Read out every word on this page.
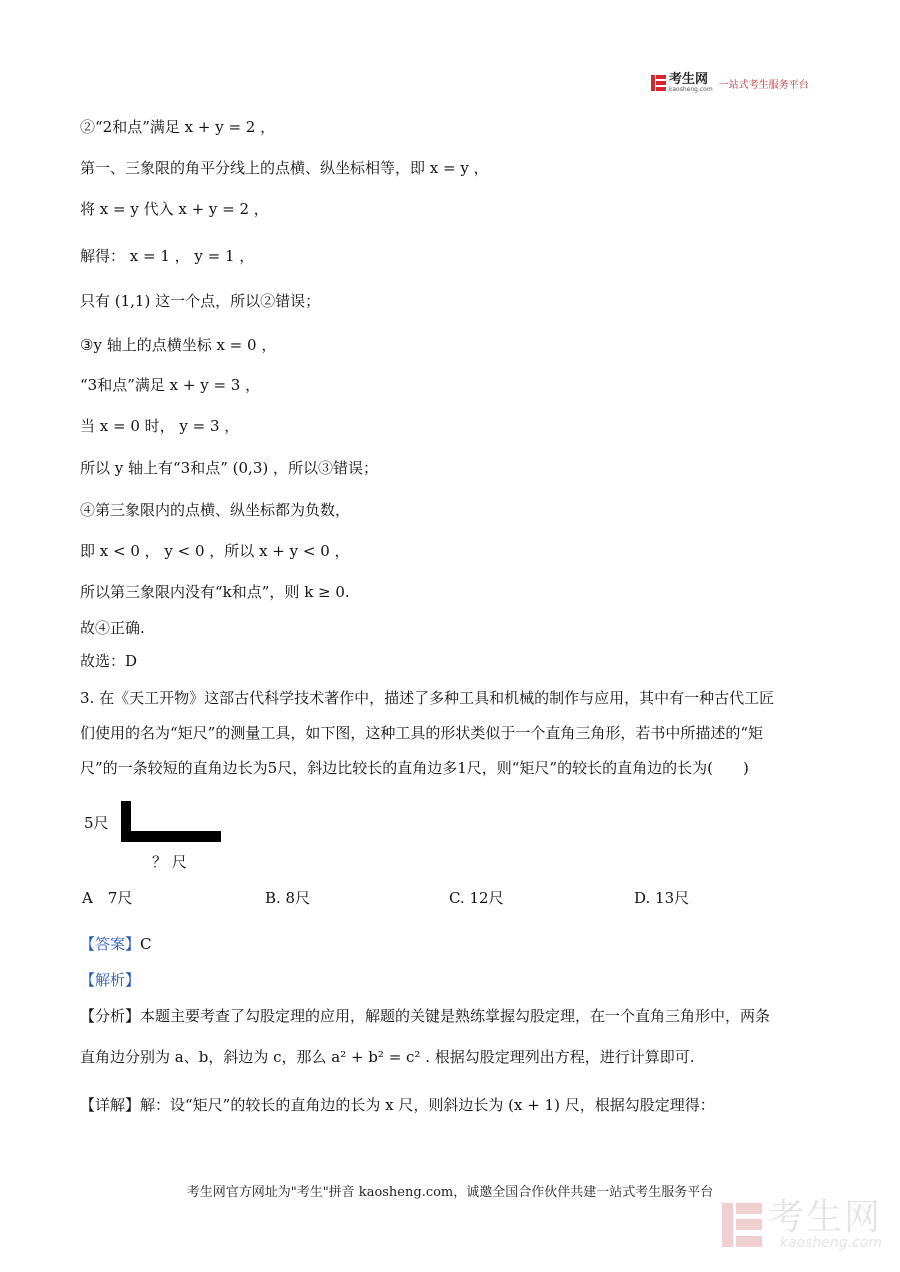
考生网
kaosheng.com 一站式考生服务平台
②“2和点”满足 x + y = 2 ，
第一、三象限的角平分线上的点横、纵坐标相等，即 x = y ，
将 x = y 代入 x + y = 2 ，
解得： x = 1 ， y = 1 ，
只有 (1,1) 这一个点，所以②错误；
③y 轴上的点横坐标 x = 0 ，
“3和点”满足 x + y = 3 ，
当 x = 0 时， y = 3 ，
所以 y 轴上有“3和点” (0,3) ，所以③错误；
④第三象限内的点横、纵坐标都为负数，
即 x < 0 ， y < 0 ，所以 x + y < 0 ，
所以第三象限内没有“k和点”，则 k ≥ 0.
故④正确.
故选：D
3. 在《天工开物》这部古代科学技术著作中，描述了多种工具和机械的制作与应用，其中有一种古代工匠
们使用的名为“矩尺”的测量工具，如下图，这种工具的形状类似于一个直角三角形，若书中所描述的“矩
尺”的一条较短的直角边长为5尺，斜边比较长的直角边多1尺，则“矩尺”的较长的直角边的长为(　　)
5尺
？ 尺
A　7尺	B. 8尺	C. 12尺	D. 13尺
【答案】C
【解析】
【分析】本题主要考查了勾股定理的应用，解题的关键是熟练掌握勾股定理，在一个直角三角形中，两条
直角边分别为 a、b，斜边为 c，那么 a² + b² = c² . 根据勾股定理列出方程，进行计算即可.
【详解】解：设“矩尺”的较长的直角边的长为 x 尺，则斜边长为 (x + 1) 尺，根据勾股定理得：
考生网官方网址为"考生"拼音 kaosheng.com，诚邀全国合作伙伴共建一站式考生服务平台
考生网
kaosheng.com
